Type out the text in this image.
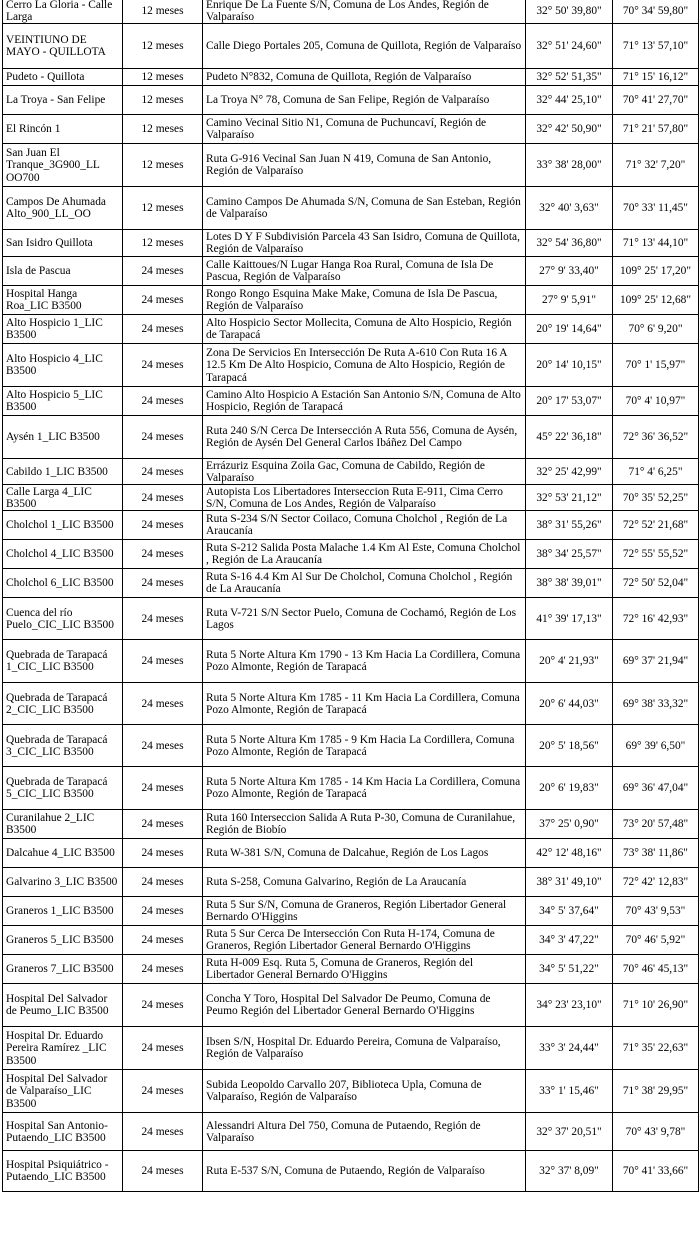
Cerro La Gloria - Calle Larga	12 meses	Enrique De La Fuente S/N, Comuna de Los Andes, Región de Valparaíso	32° 50' 39,80"	70° 34' 59,80"
VEINTIUNO DE MAYO - QUILLOTA	12 meses	Calle Diego Portales 205, Comuna de Quillota, Región de Valparaíso	32° 51' 24,60"	71° 13' 57,10"
Pudeto - Quillota	12 meses	Pudeto N°832, Comuna de Quillota, Región de Valparaíso	32° 52' 51,35"	71° 15' 16,12"
La Troya - San Felipe	12 meses	La Troya N° 78, Comuna de San Felipe, Región de Valparaíso	32° 44' 25,10"	70° 41' 27,70"
El Rincón 1	12 meses	Camino Vecinal Sitio N1, Comuna de Puchuncaví, Región de Valparaíso	32° 42' 50,90"	71° 21' 57,80"
San Juan El Tranque_3G900_LL OO700	12 meses	Ruta G-916 Vecinal San Juan N 419, Comuna de San Antonio, Región de Valparaíso	33° 38' 28,00"	71° 32' 7,20"
Campos De Ahumada Alto_900_LL_OO	12 meses	Camino Campos De Ahumada S/N, Comuna de San Esteban, Región de Valparaíso	32° 40' 3,63"	70° 33' 11,45"
San Isidro Quillota	12 meses	Lotes D Y F Subdivisión Parcela 43 San Isidro, Comuna de Quillota, Región de Valparaíso	32° 54' 36,80"	71° 13' 44,10"
Isla de Pascua	24 meses	Calle Kaittoues/N Lugar Hanga Roa Rural, Comuna de Isla De Pascua, Región de Valparaíso	27° 9' 33,40"	109° 25' 17,20"
Hospital Hanga Roa_LIC B3500	24 meses	Rongo Rongo Esquina Make Make, Comuna de Isla De Pascua, Región de Valparaíso	27° 9' 5,91"	109° 25' 12,68"
Alto Hospicio 1_LIC B3500	24 meses	Alto Hospicio Sector Mollecita, Comuna de Alto Hospicio, Región de Tarapacá	20° 19' 14,64"	70° 6' 9,20"
Alto Hospicio 4_LIC B3500	24 meses	Zona De Servicios En Intersección De Ruta A-610 Con Ruta 16 A 12.5 Km De Alto Hospicio, Comuna de Alto Hospicio, Región de Tarapacá	20° 14' 10,15"	70° 1' 15,97"
Alto Hospicio 5_LIC B3500	24 meses	Camino Alto Hospicio A Estación San Antonio S/N, Comuna de Alto Hospicio, Región de Tarapacá	20° 17' 53,07"	70° 4' 10,97"
Aysén 1_LIC B3500	24 meses	Ruta 240 S/N Cerca De Intersección A Ruta 556, Comuna de Aysén, Región de Aysén Del General Carlos Ibáñez Del Campo	45° 22' 36,18"	72° 36' 36,52"
Cabildo 1_LIC B3500	24 meses	Errázuriz Esquina Zoila Gac, Comuna de Cabildo, Región de Valparaíso	32° 25' 42,99"	71° 4' 6,25"
Calle Larga 4_LIC B3500	24 meses	Autopista Los Libertadores Interseccion Ruta E-911, Cima Cerro S/N, Comuna de Los Andes, Región de Valparaíso	32° 53' 21,12"	70° 35' 52,25"
Cholchol 1_LIC B3500	24 meses	Ruta S-234 S/N Sector Coilaco, Comuna Cholchol , Región de La Araucanía	38° 31' 55,26"	72° 52' 21,68"
Cholchol 4_LIC B3500	24 meses	Ruta S-212 Salida Posta Malache 1.4 Km Al Este, Comuna Cholchol , Región de La Araucanía	38° 34' 25,57"	72° 55' 55,52"
Cholchol 6_LIC B3500	24 meses	Ruta S-16 4.4 Km Al Sur De Cholchol, Comuna Cholchol , Región de La Araucanía	38° 38' 39,01"	72° 50' 52,04"
Cuenca del río Puelo_CIC_LIC B3500	24 meses	Ruta V-721 S/N Sector Puelo, Comuna de Cochamó, Región de Los Lagos	41° 39' 17,13"	72° 16' 42,93"
Quebrada de Tarapacá 1_CIC_LIC B3500	24 meses	Ruta 5 Norte Altura Km 1790 - 13 Km Hacia La Cordillera, Comuna Pozo Almonte, Región de Tarapacá	20° 4' 21,93"	69° 37' 21,94"
Quebrada de Tarapacá 2_CIC_LIC B3500	24 meses	Ruta 5 Norte Altura Km 1785 - 11 Km Hacia La Cordillera, Comuna Pozo Almonte, Región de Tarapacá	20° 6' 44,03"	69° 38' 33,32"
Quebrada de Tarapacá 3_CIC_LIC B3500	24 meses	Ruta 5 Norte Altura Km 1785 - 9 Km Hacia La Cordillera, Comuna Pozo Almonte, Región de Tarapacá	20° 5' 18,56"	69° 39' 6,50"
Quebrada de Tarapacá 5_CIC_LIC B3500	24 meses	Ruta 5 Norte Altura Km 1785 - 14 Km Hacia La Cordillera, Comuna Pozo Almonte, Región de Tarapacá	20° 6' 19,83"	69° 36' 47,04"
Curanilahue 2_LIC B3500	24 meses	Ruta 160 Interseccion Salida A Ruta P-30, Comuna de Curanilahue, Región de Biobío	37° 25' 0,90"	73° 20' 57,48"
Dalcahue 4_LIC B3500	24 meses	Ruta W-381 S/N, Comuna de Dalcahue, Región de Los Lagos	42° 12' 48,16"	73° 38' 11,86"
Galvarino 3_LIC B3500	24 meses	Ruta S-258, Comuna Galvarino, Región de La Araucanía	38° 31' 49,10"	72° 42' 12,83"
Graneros 1_LIC B3500	24 meses	Ruta 5 Sur S/N, Comuna de Graneros, Región Libertador General Bernardo O'Higgins	34° 5' 37,64"	70° 43' 9,53"
Graneros 5_LIC B3500	24 meses	Ruta 5 Sur Cerca De Intersección Con Ruta H-174, Comuna de Graneros, Región Libertador General Bernardo O'Higgins	34° 3' 47,22"	70° 46' 5,92"
Graneros 7_LIC B3500	24 meses	Ruta H-009 Esq. Ruta 5, Comuna de Graneros, Región del Libertador General Bernardo O'Higgins	34° 5' 51,22"	70° 46' 45,13"
Hospital Del Salvador de Peumo_LIC B3500	24 meses	Concha Y Toro, Hospital Del Salvador De Peumo, Comuna de Peumo Región del Libertador General Bernardo O'Higgins	34° 23' 23,10"	71° 10' 26,90"
Hospital Dr. Eduardo Pereira Ramírez _LIC B3500	24 meses	Ibsen S/N, Hospital Dr. Eduardo Pereira, Comuna de Valparaíso, Región de Valparaíso	33° 3' 24,44"	71° 35' 22,63"
Hospital Del Salvador de Valparaíso_LIC B3500	24 meses	Subida Leopoldo Carvallo 207, Biblioteca Upla, Comuna de Valparaíso, Región de Valparaíso	33° 1' 15,46"	71° 38' 29,95"
Hospital San Antonio-Putaendo_LIC B3500	24 meses	Alessandri Altura Del 750, Comuna de Putaendo, Región de Valparaíso	32° 37' 20,51"	70° 43' 9,78"
Hospital Psiquiátrico - Putaendo_LIC B3500	24 meses	Ruta E-537 S/N, Comuna de Putaendo, Región de Valparaíso	32° 37' 8,09"	70° 41' 33,66"
